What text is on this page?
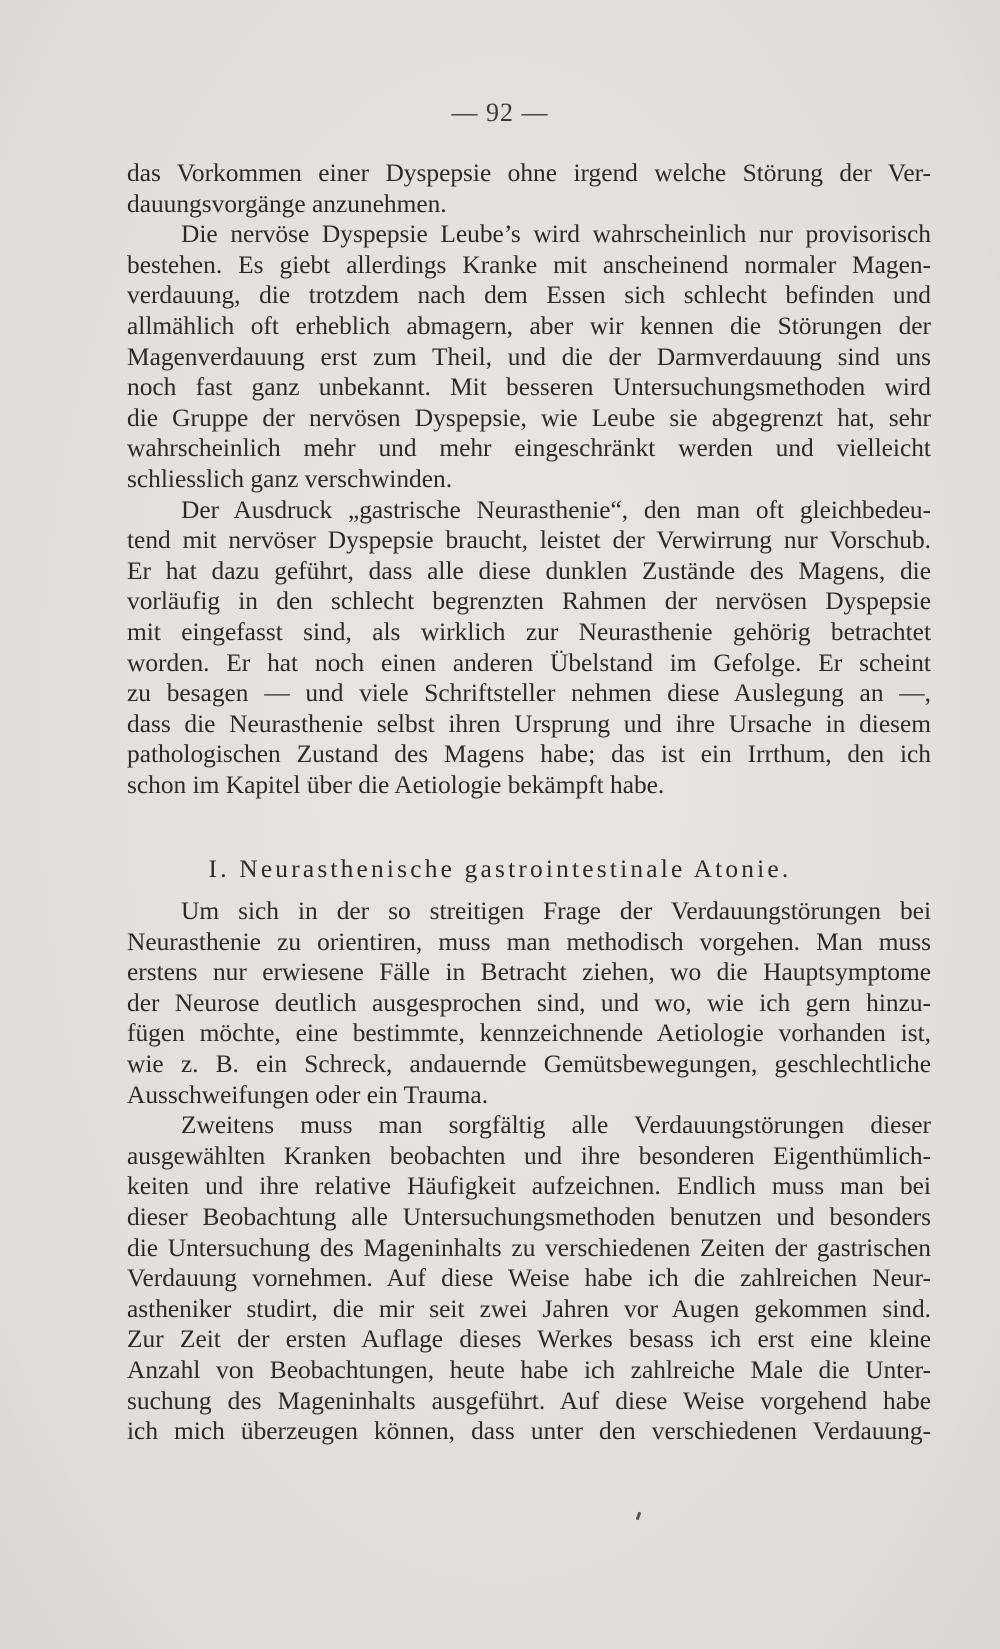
— 92 —
das Vorkommen einer Dyspepsie ohne irgend welche Störung der Ver-
dauungsvorgänge anzunehmen.
Die nervöse Dyspepsie Leube’s wird wahrscheinlich nur provisorisch
bestehen. Es giebt allerdings Kranke mit anscheinend normaler Magen-
verdauung, die trotzdem nach dem Essen sich schlecht befinden und
allmählich oft erheblich abmagern, aber wir kennen die Störungen der
Magenverdauung erst zum Theil, und die der Darmverdauung sind uns
noch fast ganz unbekannt. Mit besseren Untersuchungsmethoden wird
die Gruppe der nervösen Dyspepsie, wie Leube sie abgegrenzt hat, sehr
wahrscheinlich mehr und mehr eingeschränkt werden und vielleicht
schliesslich ganz verschwinden.
Der Ausdruck „gastrische Neurasthenie“, den man oft gleichbedeu-
tend mit nervöser Dyspepsie braucht, leistet der Verwirrung nur Vorschub.
Er hat dazu geführt, dass alle diese dunklen Zustände des Magens, die
vorläufig in den schlecht begrenzten Rahmen der nervösen Dyspepsie
mit eingefasst sind, als wirklich zur Neurasthenie gehörig betrachtet
worden. Er hat noch einen anderen Übelstand im Gefolge. Er scheint
zu besagen — und viele Schriftsteller nehmen diese Auslegung an —,
dass die Neurasthenie selbst ihren Ursprung und ihre Ursache in diesem
pathologischen Zustand des Magens habe; das ist ein Irrthum, den ich
schon im Kapitel über die Aetiologie bekämpft habe.
I. Neurasthenische gastrointestinale Atonie.
Um sich in der so streitigen Frage der Verdauungstörungen bei
Neurasthenie zu orientiren, muss man methodisch vorgehen. Man muss
erstens nur erwiesene Fälle in Betracht ziehen, wo die Hauptsymptome
der Neurose deutlich ausgesprochen sind, und wo, wie ich gern hinzu-
fügen möchte, eine bestimmte, kennzeichnende Aetiologie vorhanden ist,
wie z. B. ein Schreck, andauernde Gemütsbewegungen, geschlechtliche
Ausschweifungen oder ein Trauma.
Zweitens muss man sorgfältig alle Verdauungstörungen dieser
ausgewählten Kranken beobachten und ihre besonderen Eigenthümlich-
keiten und ihre relative Häufigkeit aufzeichnen. Endlich muss man bei
dieser Beobachtung alle Untersuchungsmethoden benutzen und besonders
die Untersuchung des Mageninhalts zu verschiedenen Zeiten der gastrischen
Verdauung vornehmen. Auf diese Weise habe ich die zahlreichen Neur-
astheniker studirt, die mir seit zwei Jahren vor Augen gekommen sind.
Zur Zeit der ersten Auflage dieses Werkes besass ich erst eine kleine
Anzahl von Beobachtungen, heute habe ich zahlreiche Male die Unter-
suchung des Mageninhalts ausgeführt. Auf diese Weise vorgehend habe
ich mich überzeugen können, dass unter den verschiedenen Verdauung-
